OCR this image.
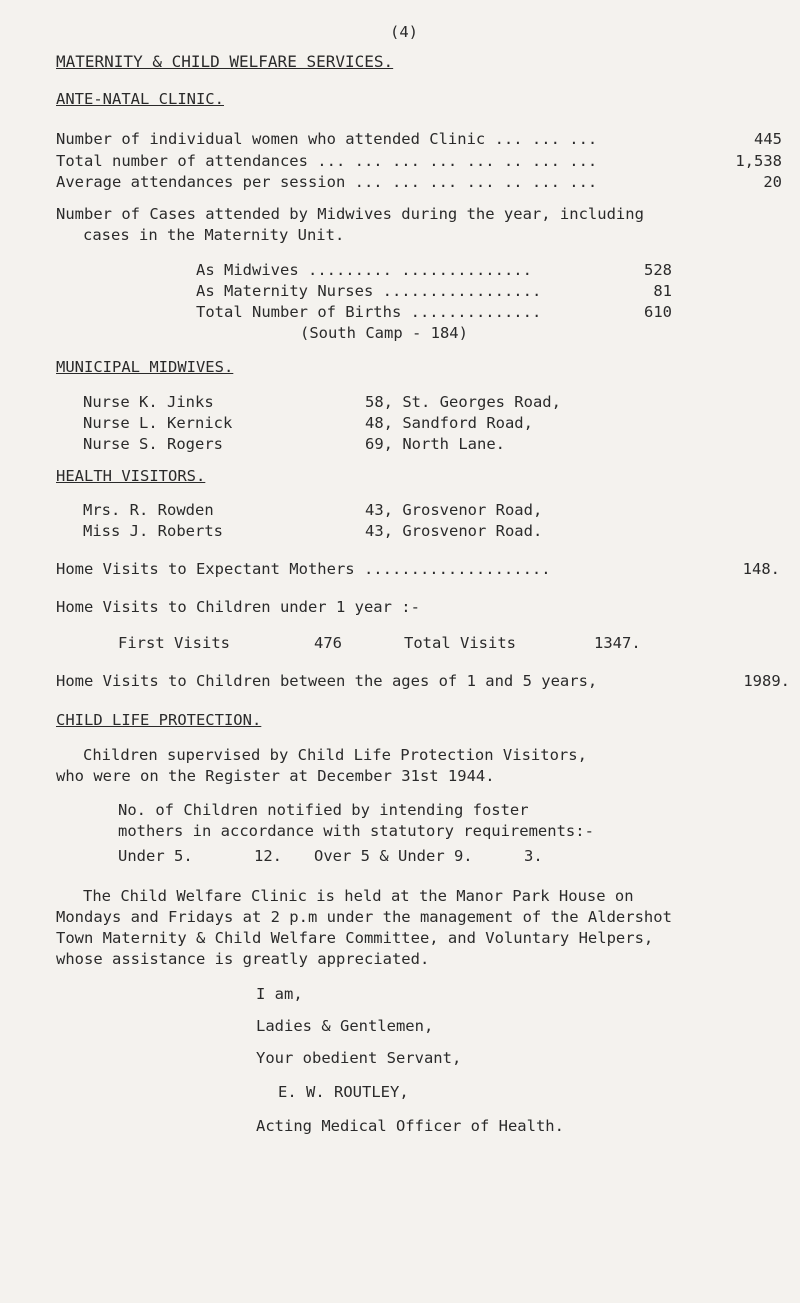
(4)
MATERNITY & CHILD WELFARE SERVICES.
ANTE-NATAL CLINIC.
Number of individual women who attended Clinic ... ... ...	445
Total number of attendances ... ... ... ... ... .. ... ...	1,538
Average attendances per session ... ... ... ... .. ... ...	20
Number of Cases attended by Midwives during the year, including
cases in the Maternity Unit.
As Midwives ......... ..............	528
As Maternity Nurses .................	81
Total Number of Births ..............	610
(South Camp - 184)
MUNICIPAL MIDWIVES.
Nurse K. Jinks	58, St. Georges Road,
Nurse L. Kernick	48, Sandford Road,
Nurse S. Rogers	69, North Lane.
HEALTH VISITORS.
Mrs. R. Rowden	43, Grosvenor Road,
Miss J. Roberts	43, Grosvenor Road.
Home Visits to Expectant Mothers ....................	148.
Home Visits to Children under 1 year :-
First Visits	476	Total Visits	1347.
Home Visits to Children between the ages of 1 and 5 years,	1989.
CHILD LIFE PROTECTION.
Children supervised by Child Life Protection Visitors,
who were on the Register at December 31st 1944.
No. of Children notified by intending foster
mothers in accordance with statutory requirements:-
Under 5.	12. Over 5 & Under 9.	3.
The Child Welfare Clinic is held at the Manor Park House on
Mondays and Fridays at 2 p.m under the management of the Aldershot
Town Maternity & Child Welfare Committee, and Voluntary Helpers,
whose assistance is greatly appreciated.
I am,
Ladies & Gentlemen,
Your obedient Servant,
E. W. ROUTLEY,
Acting Medical Officer of Health.
